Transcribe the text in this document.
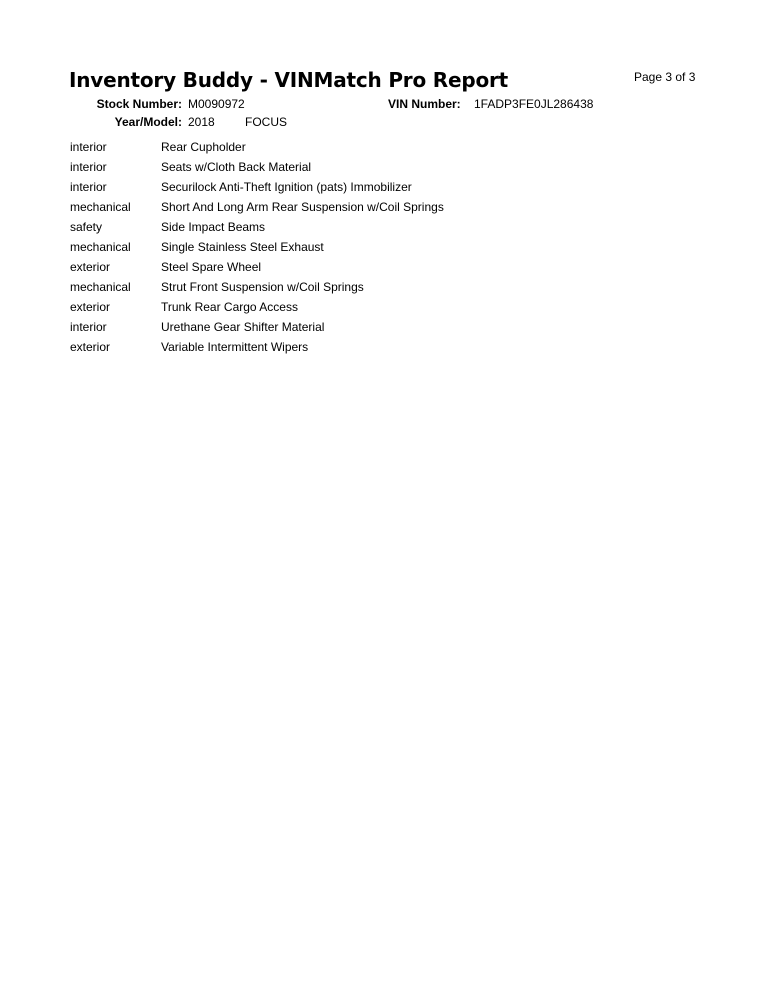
Inventory Buddy - VINMatch Pro Report	Page 3 of 3
Stock Number: M0090972	VIN Number: 1FADP3FE0JL286438
Year/Model: 2018	FOCUS
interior	Rear Cupholder
interior	Seats w/Cloth Back Material
interior	Securilock Anti-Theft Ignition (pats) Immobilizer
mechanical	Short And Long Arm Rear Suspension w/Coil Springs
safety	Side Impact Beams
mechanical	Single Stainless Steel Exhaust
exterior	Steel Spare Wheel
mechanical	Strut Front Suspension w/Coil Springs
exterior	Trunk Rear Cargo Access
interior	Urethane Gear Shifter Material
exterior	Variable Intermittent Wipers
